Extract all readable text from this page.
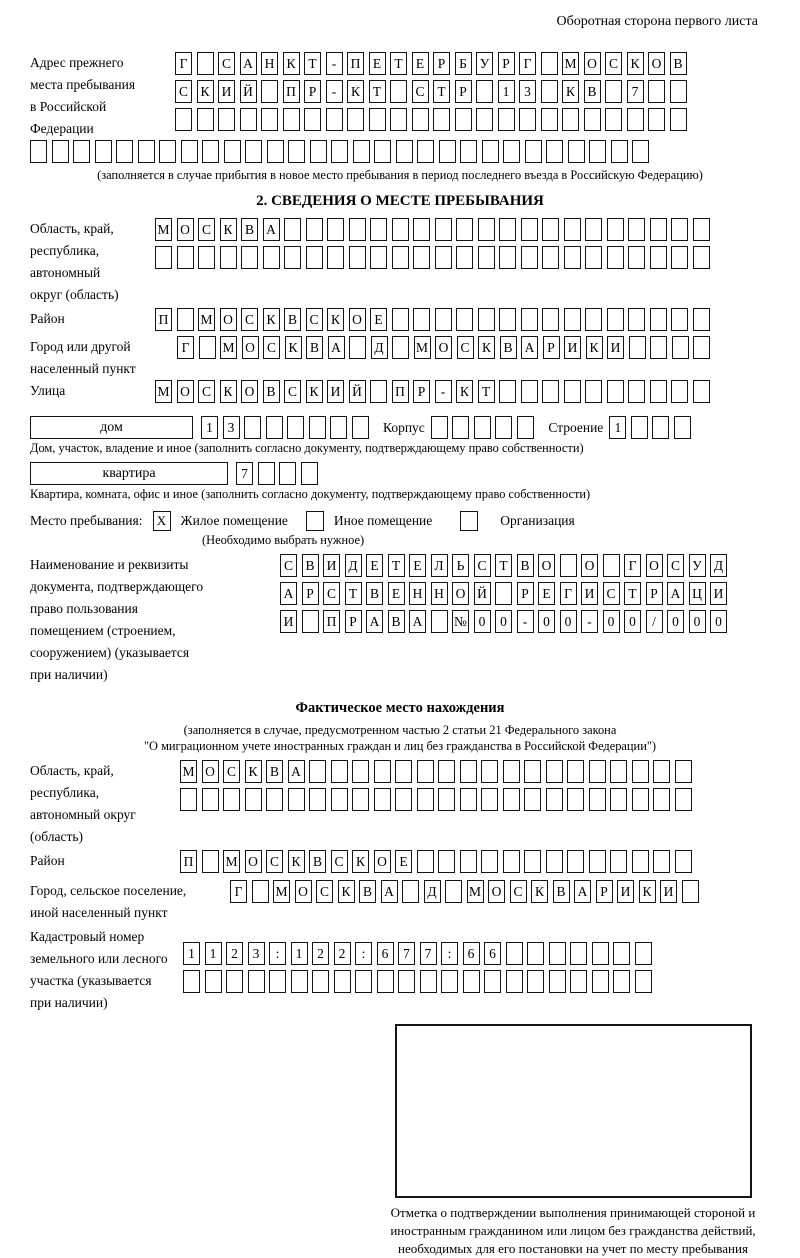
Оборотная сторона первого листа
Адрес прежнего
места пребывания
в Российской
Федерации
Г	С А Н К Т	-	П Е Т Е	Р	Б У Р	Г	М О С К О В
С К И Й П Р	-	К Т	С Т	Р	1	3	К В	7
(заполняется в случае прибытия в новое место пребывания в период последнего въезда в Российскую Федерацию)
2. СВЕДЕНИЯ О МЕСТЕ ПРЕБЫВАНИЯ
Область, край,
республика,
автономный
округ (область)
М О С К В А
Район	П М О С К В С К О Е
Город или другой
населенный пункт
Г	М О С К В А Д М О С К В А Р И К И
Улица	М О С К О В С К И Й П Р	-	К Т
дом	1	3	Корпус	Строение 1
Дом, участок, владение и иное (заполнить согласно документу, подтверждающему право собственности)
квартира	7
Квартира, комната, офис и иное (заполнить согласно документу, подтверждающему право собственности)
Место пребывания:	X	Жилое помещение	Иное помещение	Организация
(Необходимо выбрать нужное)
Наименование и реквизиты
документа, подтверждающего
право пользования
помещением (строением,
сооружением) (указывается
при наличии)
С В И Д Е Т Е Л Ь С Т В О О	Г О С У Д
А Р С Т В Е Н Н О Й	Р	Е Г И С Т	Р А Ц И
И П Р А В А № 0	0	-	0	0	-	0	0	/	0	0	0
Фактическое место нахождения
(заполняется в случае, предусмотренном частью 2 статьи 21 Федерального закона
"О миграционном учете иностранных граждан и лиц без гражданства в Российской Федерации")
Область, край,
республика,
автономный округ
(область)
М О С К В А
Район	П М О С К В С К О Е
Город, сельское поселение,
иной населенный пункт
Г	М О С К В А Д М О С К В А Р И К И
Кадастровый номер
земельного или лесного
участка (указывается
при наличии)
1	1	2	3	:	1	2	2	:	6	7	7	:	6	6
Отметка о подтверждении выполнения принимающей стороной и иностранным гражданином или лицом без гражданства действий, необходимых для его постановки на учет по месту пребывания
